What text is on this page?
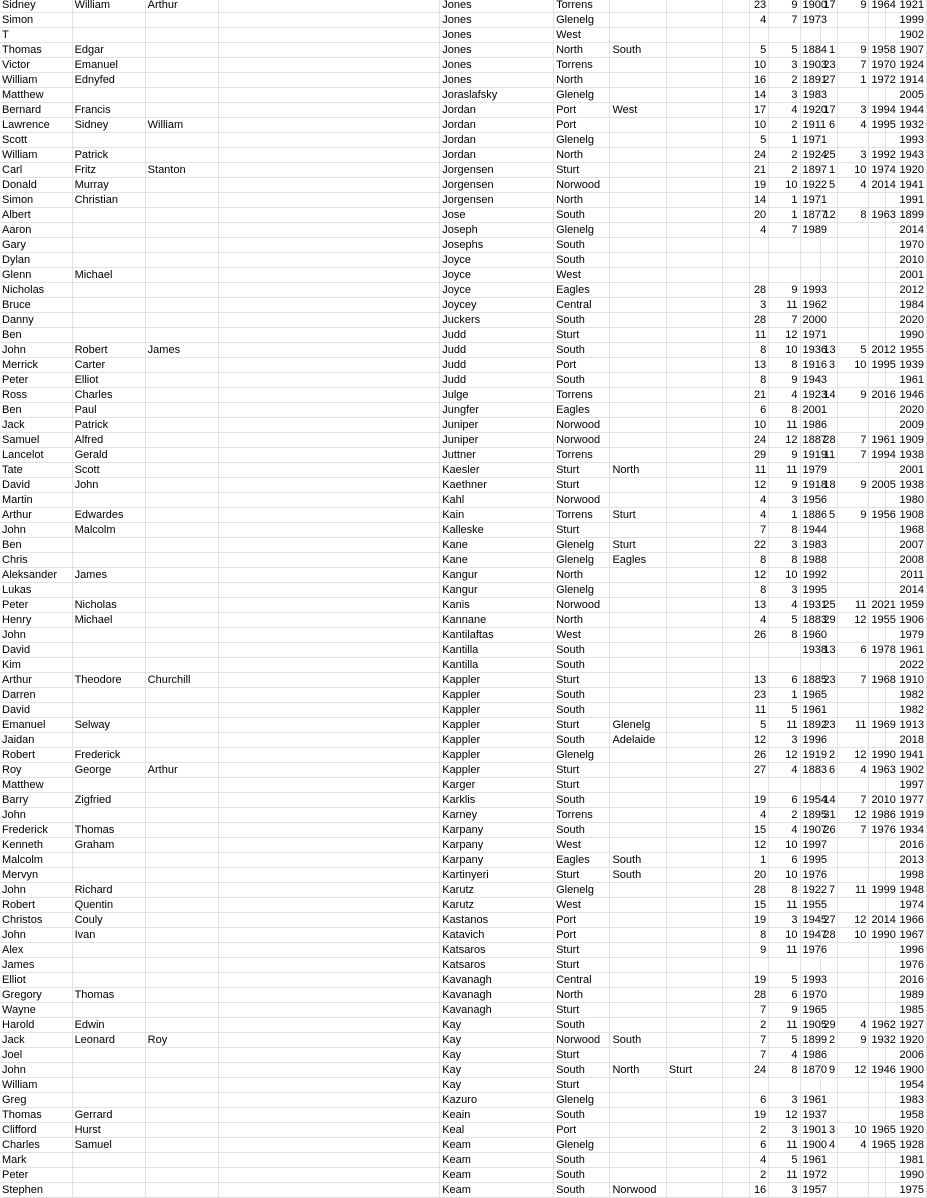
Sidney	William	Arthur		Jones	Torrens				23	9	1900	17	9	1964	1921
Simon				Jones	Glenelg				4	7	1973				1999
T				Jones	West										1902
Thomas	Edgar			Jones	North	South			5	5	1884	1	9	1958	1907
Victor	Emanuel			Jones	Torrens				10	3	1903	23	7	1970	1924
William	Ednyfed			Jones	North				16	2	1891	27	1	1972	1914
Matthew				Joraslafsky	Glenelg				14	3	1983				2005
Bernard	Francis			Jordan	Port	West			17	4	1920	17	3	1994	1944
Lawrence	Sidney	William		Jordan	Port				10	2	1911	6	4	1995	1932
Scott				Jordan	Glenelg				5	1	1971				1993
William	Patrick			Jordan	North				24	2	1924	25	3	1992	1943
Carl	Fritz	Stanton		Jorgensen	Sturt				21	2	1897	1	10	1974	1920
Donald	Murray			Jorgensen	Norwood				19	10	1922	5	4	2014	1941
Simon	Christian			Jorgensen	North				14	1	1971				1991
Albert				Jose	South				20	1	1877	12	8	1963	1899
Aaron				Joseph	Glenelg				4	7	1989				2014
Gary				Josephs	South										1970
Dylan				Joyce	South										2010
Glenn	Michael			Joyce	West										2001
Nicholas				Joyce	Eagles				28	9	1993				2012
Bruce				Joycey	Central				3	11	1962				1984
Danny				Juckers	South				28	7	2000				2020
Ben				Judd	Sturt				11	12	1971				1990
John	Robert	James		Judd	South				8	10	1936	13	5	2012	1955
Merrick	Carter			Judd	Port				13	8	1916	3	10	1995	1939
Peter	Elliot			Judd	South				8	9	1943				1961
Ross	Charles			Julge	Torrens				21	4	1923	14	9	2016	1946
Ben	Paul			Jungfer	Eagles				6	8	2001				2020
Jack	Patrick			Juniper	Norwood				10	11	1986				2009
Samuel	Alfred			Juniper	Norwood				24	12	1887	28	7	1961	1909
Lancelot	Gerald			Juttner	Torrens				29	9	1919	11	7	1994	1938
Tate	Scott			Kaesler	Sturt	North			11	11	1979				2001
David	John			Kaethner	Sturt				12	9	1918	18	9	2005	1938
Martin				Kahl	Norwood				4	3	1956				1980
Arthur	Edwardes			Kain	Torrens	Sturt			4	1	1886	5	9	1956	1908
John	Malcolm			Kalleske	Sturt				7	8	1944				1968
Ben				Kane	Glenelg	Sturt			22	3	1983				2007
Chris				Kane	Glenelg	Eagles			8	8	1988				2008
Aleksander	James			Kangur	North				12	10	1992				2011
Lukas				Kangur	Glenelg				8	3	1995				2014
Peter	Nicholas			Kanis	Norwood				13	4	1931	25	11	2021	1959
Henry	Michael			Kannane	North				4	5	1883	29	12	1955	1906
John				Kantilaftas	West				26	8	1960				1979
David				Kantilla	South						1938	13	6	1978	1961
Kim				Kantilla	South										2022
Arthur	Theodore	Churchill		Kappler	Sturt				13	6	1885	23	7	1968	1910
Darren				Kappler	South				23	1	1965				1982
David				Kappler	South				11	5	1961				1982
Emanuel	Selway			Kappler	Sturt	Glenelg			5	11	1892	23	11	1969	1913
Jaidan				Kappler	South	Adelaide			12	3	1996				2018
Robert	Frederick			Kappler	Glenelg				26	12	1919	2	12	1990	1941
Roy	George	Arthur		Kappler	Sturt				27	4	1883	6	4	1963	1902
Matthew				Karger	Sturt										1997
Barry	Zigfried			Karklis	South				19	6	1954	14	7	2010	1977
John				Karney	Torrens				4	2	1895	31	12	1986	1919
Frederick	Thomas			Karpany	South				15	4	1907	26	7	1976	1934
Kenneth	Graham			Karpany	West				12	10	1997				2016
Malcolm				Karpany	Eagles	South			1	6	1995				2013
Mervyn				Kartinyeri	Sturt	South			20	10	1976				1998
John	Richard			Karutz	Glenelg				28	8	1922	7	11	1999	1948
Robert	Quentin			Karutz	West				15	11	1955				1974
Christos	Couly			Kastanos	Port				19	3	1945	27	12	2014	1966
John	Ivan			Katavich	Port				8	10	1947	28	10	1990	1967
Alex				Katsaros	Sturt				9	11	1976				1996
James				Katsaros	Sturt										1976
Elliot				Kavanagh	Central				19	5	1993				2016
Gregory	Thomas			Kavanagh	North				28	6	1970				1989
Wayne				Kavanagh	Sturt				7	9	1965				1985
Harold	Edwin			Kay	South				2	11	1905	29	4	1962	1927
Jack	Leonard	Roy		Kay	Norwood	South			7	5	1899	2	9	1932	1920
Joel				Kay	Sturt				7	4	1986				2006
John				Kay	South	North	Sturt		24	8	1870	9	12	1946	1900
William				Kay	Sturt										1954
Greg				Kazuro	Glenelg				6	3	1961				1983
Thomas	Gerrard			Keain	South				19	12	1937				1958
Clifford	Hurst			Keal	Port				2	3	1901	3	10	1965	1920
Charles	Samuel			Keam	Glenelg				6	11	1900	4	4	1965	1928
Mark				Keam	South				4	5	1961				1981
Peter				Keam	South				2	11	1972				1990
Stephen				Keam	South	Norwood			16	3	1957				1975
